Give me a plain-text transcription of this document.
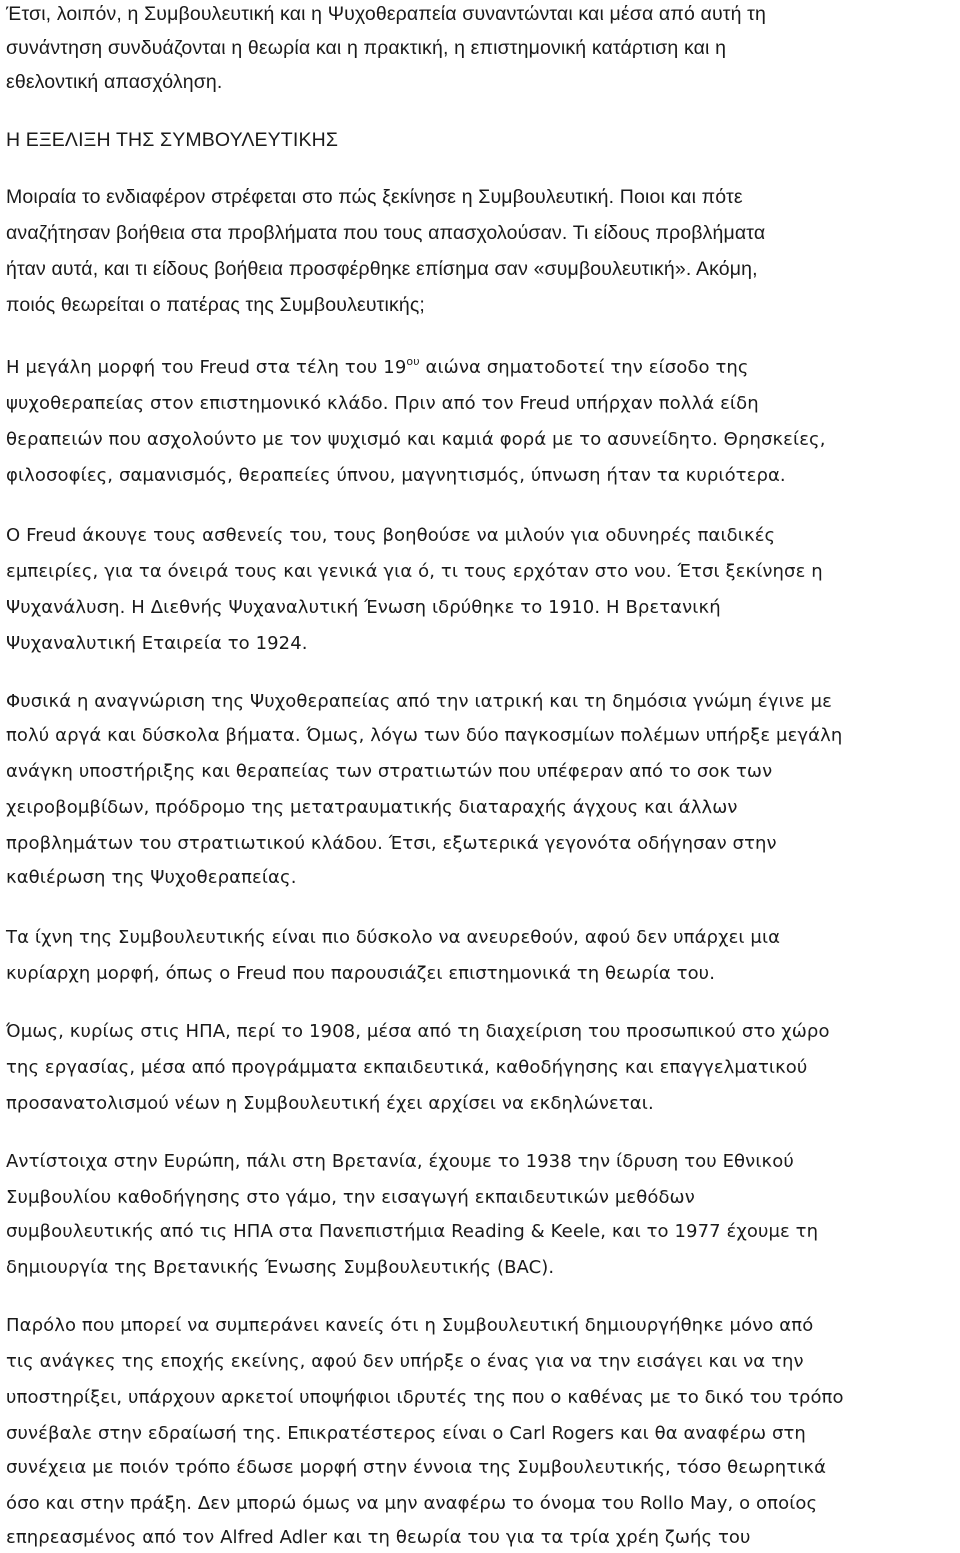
Έτσι, λοιπόν, η Συμβουλευτική και η Ψυχοθεραπεία συναντώνται και μέσα από αυτή τη
συνάντηση συνδυάζονται η θεωρία και η πρακτική, η επιστημονική κατάρτιση και η
εθελοντική απασχόληση.
Η ΕΞΕΛΙΞΗ ΤΗΣ ΣΥΜΒΟΥΛΕΥΤΙΚΗΣ
Μοιραία το ενδιαφέρον στρέφεται στο πώς ξεκίνησε η Συμβουλευτική. Ποιοι και πότε
αναζήτησαν βοήθεια στα προβλήματα που τους απασχολούσαν. Τι είδους προβλήματα
ήταν αυτά, και τι είδους βοήθεια προσφέρθηκε επίσημα σαν «συμβουλευτική». Ακόμη,
ποιός θεωρείται ο πατέρας της Συμβουλευτικής;
Η μεγάλη μορφή του Freud στα τέλη του $19^{o\upsilon}$ αιώνα σηματοδοτεί την είσοδο της
ψυχοθεραπείας στον επιστημονικό κλάδο. Πριν από τον Freud υπήρχαν πολλά είδη
θεραπειών που ασχολούντο με τον ψυχισμό και καμιά φορά με το ασυνείδητο. Θρησκείες,
φιλοσοφίες, σαμανισμός, θεραπείες ύπνου, μαγνητισμός, ύπνωση ήταν τα κυριότερα.
Ο Freud άκουγε τους ασθενείς του, τους βοηθούσε να μιλούν για οδυνηρές παιδικές
εμπειρίες, για τα όνειρά τους και γενικά για ό, τι τους ερχόταν στο νου. Έτσι ξεκίνησε η
Ψυχανάλυση. Η Διεθνής Ψυχαναλυτική Ένωση ιδρύθηκε το 1910. Η Βρετανική
Ψυχαναλυτική Εταιρεία το 1924.
Φυσικά η αναγνώριση της Ψυχοθεραπείας από την ιατρική και τη δημόσια γνώμη έγινε με
πολύ αργά και δύσκολα βήματα. Όμως, λόγω των δύο παγκοσμίων πολέμων υπήρξε μεγάλη
ανάγκη υποστήριξης και θεραπείας των στρατιωτών που υπέφεραν από το σοκ των
χειροβομβίδων, πρόδρομο της μετατραυματικής διαταραχής άγχους και άλλων
προβλημάτων του στρατιωτικού κλάδου. Έτσι, εξωτερικά γεγονότα οδήγησαν στην
καθιέρωση της Ψυχοθεραπείας.
Τα ίχνη της Συμβουλευτικής είναι πιο δύσκολο να ανευρεθούν, αφού δεν υπάρχει μια
κυρίαρχη μορφή, όπως ο Freud που παρουσιάζει επιστημονικά τη θεωρία του.
Όμως, κυρίως στις ΗΠΑ, περί το 1908, μέσα από τη διαχείριση του προσωπικού στο χώρο
της εργασίας, μέσα από προγράμματα εκπαιδευτικά, καθοδήγησης και επαγγελματικού
προσανατολισμού νέων η Συμβουλευτική έχει αρχίσει να εκδηλώνεται.
Αντίστοιχα στην Ευρώπη, πάλι στη Βρετανία, έχουμε το 1938 την ίδρυση του Εθνικού
Συμβουλίου καθοδήγησης στο γάμο, την εισαγωγή εκπαιδευτικών μεθόδων
συμβουλευτικής από τις ΗΠΑ στα Πανεπιστήμια Reading & Keele, και το 1977 έχουμε τη
δημιουργία της Βρετανικής Ένωσης Συμβουλευτικής (BAC).
Παρόλο που μπορεί να συμπεράνει κανείς ότι η Συμβουλευτική δημιουργήθηκε μόνο από
τις ανάγκες της εποχής εκείνης, αφού δεν υπήρξε ο ένας για να την εισάγει και να την
υποστηρίξει, υπάρχουν αρκετοί υποψήφιοι ιδρυτές της που ο καθένας με το δικό του τρόπο
συνέβαλε στην εδραίωσή της. Επικρατέστερος είναι ο Carl Rogers και θα αναφέρω στη
συνέχεια με ποιόν τρόπο έδωσε μορφή στην έννοια της Συμβουλευτικής, τόσο θεωρητικά
όσο και στην πράξη. Δεν μπορώ όμως να μην αναφέρω το όνομα του Rollo May, ο οποίος
επηρεασμένος από τον Alfred Adler και τη θεωρία του για τα τρία χρέη ζωής του
